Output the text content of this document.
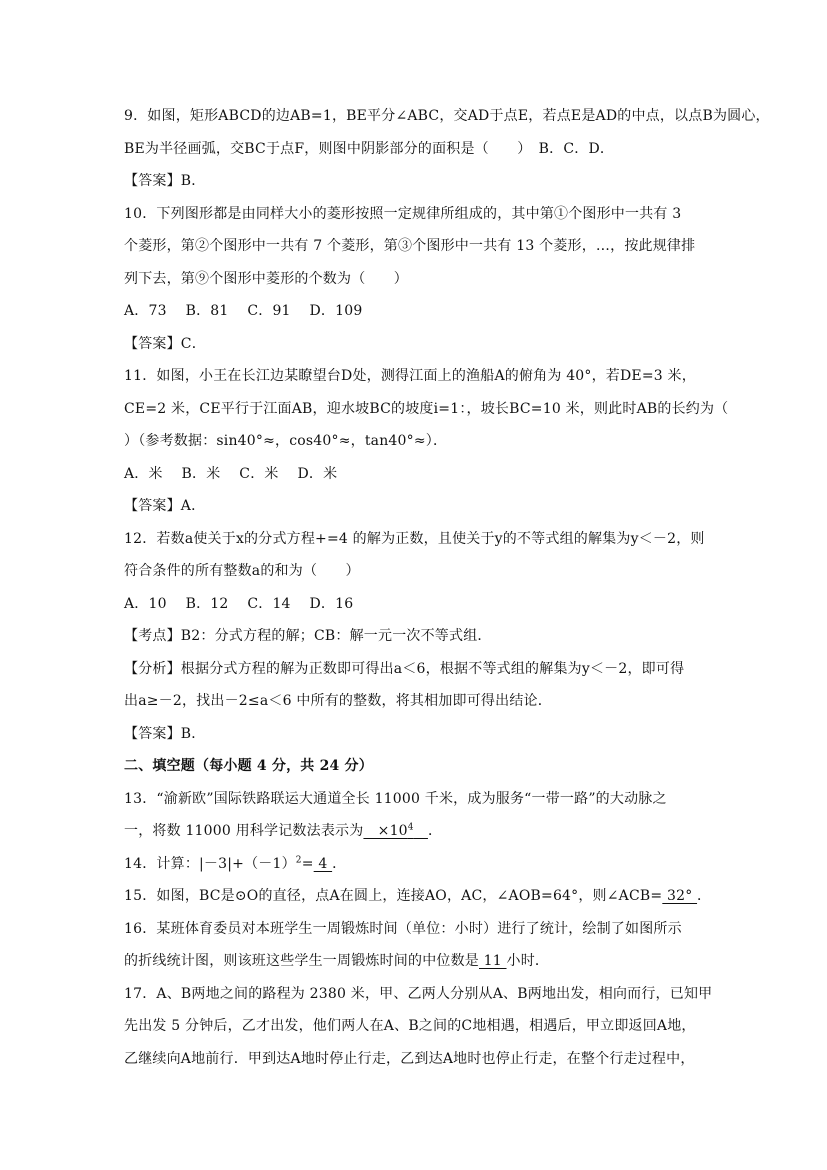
9．如图，矩形ABCD的边AB=1，BE平分∠ABC，交AD于点E，若点E是AD的中点，以点B为圆心，
BE为半径画弧，交BC于点F，则图中阴影部分的面积是（　　）　B．C．D．
【答案】B．
10．下列图形都是由同样大小的菱形按照一定规律所组成的，其中第①个图形中一共有 3
个菱形，第②个图形中一共有 7 个菱形，第③个图形中一共有 13 个菱形，…，按此规律排
列下去，第⑨个图形中菱形的个数为（　　）
A．73　 B．81　 C．91　 D．109
【答案】C．
11．如图，小王在长江边某瞭望台D处，测得江面上的渔船A的俯角为 40°，若DE=3 米，
CE=2 米，CE平行于江面AB，迎水坡BC的坡度i=1：，坡长BC=10 米，则此时AB的长约为（
）（参考数据：sin40°≈，cos40°≈，tan40°≈）．
A．米　 B．米　 C．米　 D．米
【答案】A．
12．若数a使关于x的分式方程+=4 的解为正数，且使关于y的不等式组的解集为y＜－2，则
符合条件的所有整数a的和为（　　）
A．10　 B．12　 C．14　 D．16
【考点】B2：分式方程的解；CB：解一元一次不等式组．
【分析】根据分式方程的解为正数即可得出a＜6，根据不等式组的解集为y＜－2，即可得
出a≥－2，找出－2≤a＜6 中所有的整数，将其相加即可得出结论．
【答案】B．
二、填空题（每小题 4 分，共 24 分）
13．“渝新欧”国际铁路联运大通道全长 11000 千米，成为服务“一带一路”的大动脉之
一，将数 11000 用科学记数法表示为　$\times 10^4$　 ．
14．计算：$|-3|+(-1)^2= 4$ ．
15．如图，BC是⊙O的直径，点A在圆上，连接AO，AC，∠AOB=64°，则∠ACB= 32° ．
16．某班体育委员对本班学生一周锻炼时间（单位：小时）进行了统计，绘制了如图所示
的折线统计图，则该班这些学生一周锻炼时间的中位数是 11 小时．
17．A、B两地之间的路程为 2380 米，甲、乙两人分别从A、B两地出发，相向而行，已知甲
先出发 5 分钟后，乙才出发，他们两人在A、B之间的C地相遇，相遇后，甲立即返回A地，
乙继续向A地前行．甲到达A地时停止行走，乙到达A地时也停止行走，在整个行走过程中，
